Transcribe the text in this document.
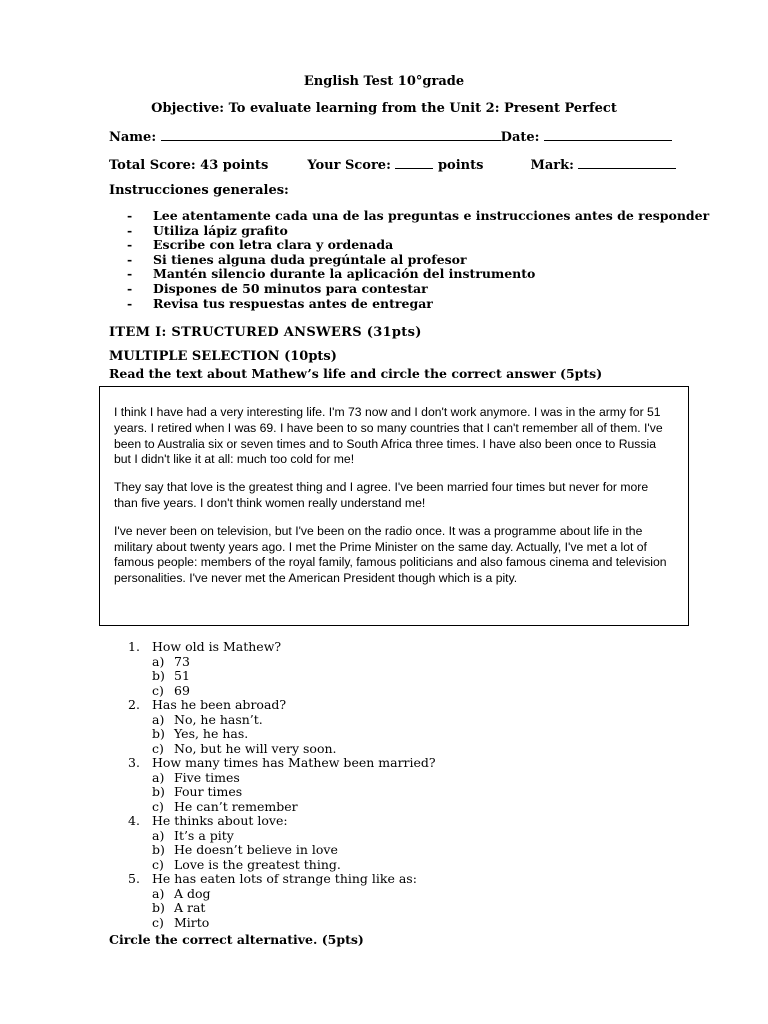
English Test 10°grade
Objective: To evaluate learning from the Unit 2: Present Perfect
Name:	Date:
Total Score: 43 points	Your Score:	points	Mark:
Instrucciones generales:
- Lee atentamente cada una de las preguntas e instrucciones antes de responder
- Utiliza lápiz grafito
- Escribe con letra clara y ordenada
- Si tienes alguna duda pregúntale al profesor
- Mantén silencio durante la aplicación del instrumento
- Dispones de 50 minutos para contestar
- Revisa tus respuestas antes de entregar
ITEM I: STRUCTURED ANSWERS (31pts)
MULTIPLE SELECTION (10pts)
Read the text about Mathew’s life and circle the correct answer (5pts)

I think I have had a very interesting life. I'm 73 now and I don't work anymore. I was in the army for 51 years. I retired when I was 69. I have been to so many countries that I can't remember all of them. I've been to Australia six or seven times and to South Africa three times. I have also been once to Russia but I didn't like it at all: much too cold for me!

They say that love is the greatest thing and I agree. I've been married four times but never for more than five years. I don't think women really understand me!

I've never been on television, but I've been on the radio once. It was a programme about life in the military about twenty years ago. I met the Prime Minister on the same day. Actually, I've met a lot of famous people: members of the royal family, famous politicians and also famous cinema and television personalities. I've never met the American President though which is a pity.

1. How old is Mathew?
a) 73
b) 51
c) 69
2. Has he been abroad?
a) No, he hasn’t.
b) Yes, he has.
c) No, but he will very soon.
3. How many times has Mathew been married?
a) Five times
b) Four times
c) He can’t remember
4. He thinks about love:
a) It’s a pity
b) He doesn’t believe in love
c) Love is the greatest thing.
5. He has eaten lots of strange thing like as:
a) A dog
b) A rat
c) Mirto
Circle the correct alternative. (5pts)
